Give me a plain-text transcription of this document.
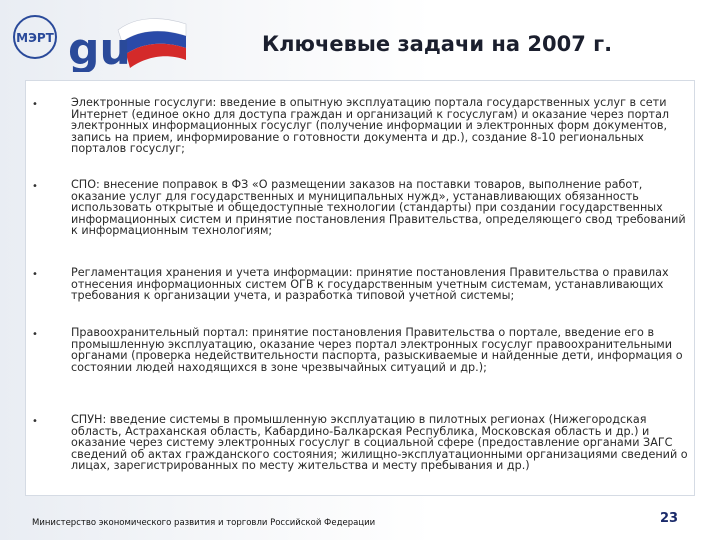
МЭРТ gu	Ключевые задачи на 2007 г.
•	Электронные госуслуги: введение в опытную эксплуатацию портала государственных услуг в сети Интернет (единое окно для доступа граждан и организаций к госуслугам) и оказание через портал электронных информационных госуслуг (получение информации и электронных форм документов, запись на прием, информирование о готовности документа и др.), создание 8-10 региональных порталов госуслуг;
•	СПО: внесение поправок в ФЗ «О размещении заказов на поставки товаров, выполнение работ, оказание услуг для государственных и муниципальных нужд», устанавливающих обязанность использовать открытые и общедоступные технологии (стандарты) при создании государственных информационных систем и принятие постановления Правительства, определяющего свод требований к информационным технологиям;
•	Регламентация хранения и учета информации: принятие постановления Правительства о правилах отнесения информационных систем ОГВ к государственным учетным системам, устанавливающих требования к организации учета, и разработка типовой учетной системы;
•	Правоохранительный портал: принятие постановления Правительства о портале, введение его в промышленную эксплуатацию, оказание через портал электронных госуслуг правоохранительными органами (проверка недействительности паспорта, разыскиваемые и найденные дети, информация о состоянии людей находящихся в зоне чрезвычайных ситуаций и др.);
•	СПУН: введение системы в промышленную эксплуатацию в пилотных регионах (Нижегородская область, Астраханская область, Кабардино-Балкарская Республика, Московская область и др.) и оказание через систему электронных госуслуг в социальной сфере (предоставление органами ЗАГС сведений об актах гражданского состояния; жилищно-эксплуатационными организациями сведений о лицах, зарегистрированных по месту жительства и месту пребывания и др.)
Министерство экономического развития и торговли Российской Федерации	23
